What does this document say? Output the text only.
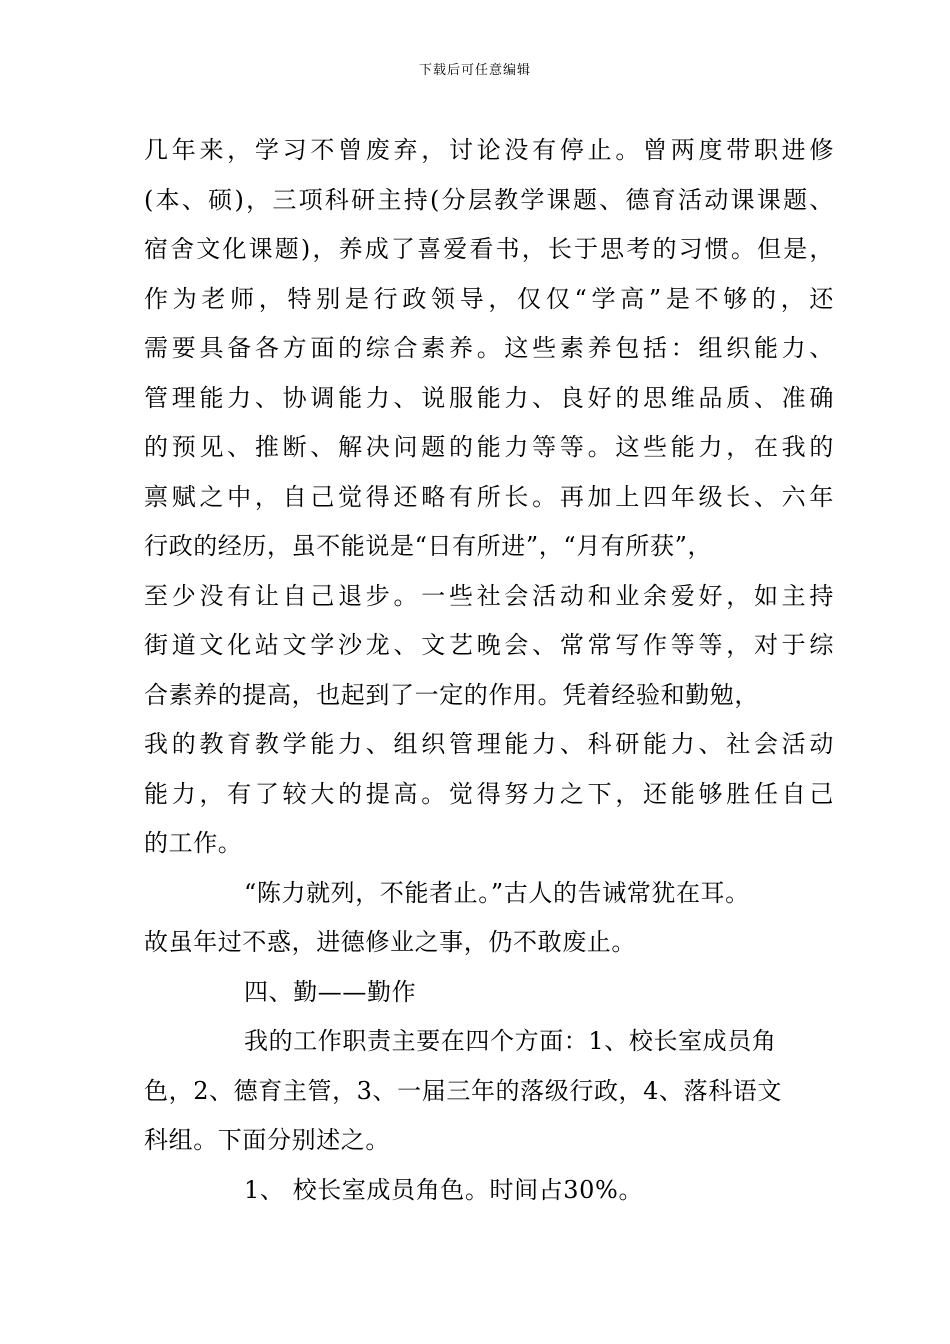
下载后可任意编辑
几年来，学习不曾废弃，讨论没有停止。曾两度带职进修
(本、硕)，三项科研主持(分层教学课题、德育活动课课题、
宿舍文化课题)，养成了喜爱看书，长于思考的习惯。但是，
作为老师，特别是行政领导，仅仅“学高”是不够的，还
需要具备各方面的综合素养。这些素养包括：组织能力、
管理能力、协调能力、说服能力、良好的思维品质、准确
的预见、推断、解决问题的能力等等。这些能力，在我的
禀赋之中，自己觉得还略有所长。再加上四年级长、六年
行政的经历，虽不能说是“日有所进”，“月有所获”，
至少没有让自己退步。一些社会活动和业余爱好，如主持
街道文化站文学沙龙、文艺晚会、常常写作等等，对于综
合素养的提高，也起到了一定的作用。凭着经验和勤勉，
我的教育教学能力、组织管理能力、科研能力、社会活动
能力，有了较大的提高。觉得努力之下，还能够胜任自己
的工作。
“陈力就列，不能者止。”古人的告诫常犹在耳。
故虽年过不惑，进德修业之事，仍不敢废止。
四、勤——勤作
我的工作职责主要在四个方面：1、校长室成员角
色，2、德育主管，3、一届三年的落级行政，4、落科语文
科组。下面分别述之。
1、 校长室成员角色。时间占30%。
